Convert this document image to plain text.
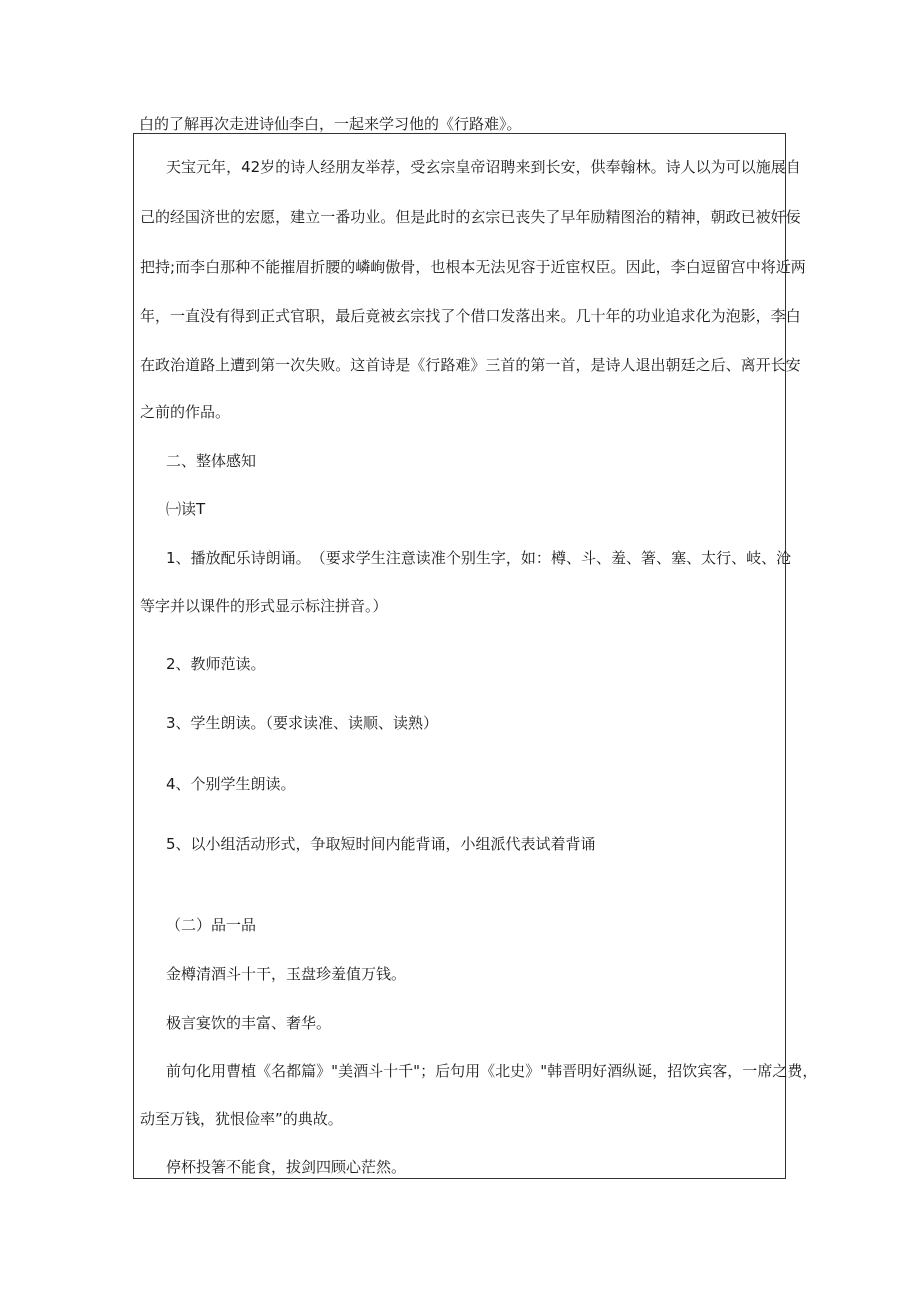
白的了解再次走进诗仙李白，一起来学习他的《行路难》。

天 宝 元 年 ， 4 2 岁 的 诗 人 经 朋 友 举 荐 ， 受 玄 宗 皇 帝 诏 聘 来 到 长 安 ， 供 奉 翰 林 。 诗 人 以 为 可 以 施 展 自

己 的 经 国 济 世 的 宏 愿 ， 建 立 一 番 功 业 。 但 是 此 时 的 玄 宗 已 丧 失 了 早 年 励 精 图 治 的 精 神 ， 朝 政 已 被 奸 佞

把 持 ; 而 李 白 那 种 不 能 摧 眉 折 腰 的 嶙 峋 傲 骨 ， 也 根 本 无 法 见 容 于 近 宦 权 臣 。 因 此 ， 李 白 逗 留 宫 中 将 近 两

年 ， 一 直 没 有 得 到 正 式 官 职 ， 最 后 竟 被 玄 宗 找 了 个 借 口 发 落 出 来 。 几 十 年 的 功 业 追 求 化 为 泡 影 ， 李 白

在 政 治 道 路 上 遭 到 第 一 次 失 败 。 这 首 诗 是 《 行 路 难 》 三 首 的 第 一 首 ， 是 诗 人 退 出 朝 廷 之 后 、 离 开 长 安

之前的作品。

二、整体感知

㈠读T

1 、 播 放 配 乐 诗 朗 诵 。 （ 要 求 学 生 注 意 读 准 个 别 生 字 ， 如 ： 樽 、 斗 、 羞 、 箸 、 塞 、 太 行 、 岐 、 沧

等字并以课件的形式显示标注拼音。）

2、教师范读。

3、学生朗读。（要求读准、读顺、读熟）

4、个别学生朗读。

5、以小组活动形式，争取短时间内能背诵，小组派代表试着背诵

（二）品一品

金樽清酒斗十干，玉盘珍羞值万钱。

极言宴饮的丰富、奢华。

前 句 化 用 曹 植 《 名 都 篇 》 " 美 酒 斗 十 千 " ； 后 句 用 《 北 史 》 " 韩 晋 明 好 酒 纵 诞 ， 招 饮 宾 客 ， 一 席 之 费 ，

动至万钱，犹恨俭率”的典故。

停杯投箸不能食，拔剑四顾心茫然。
